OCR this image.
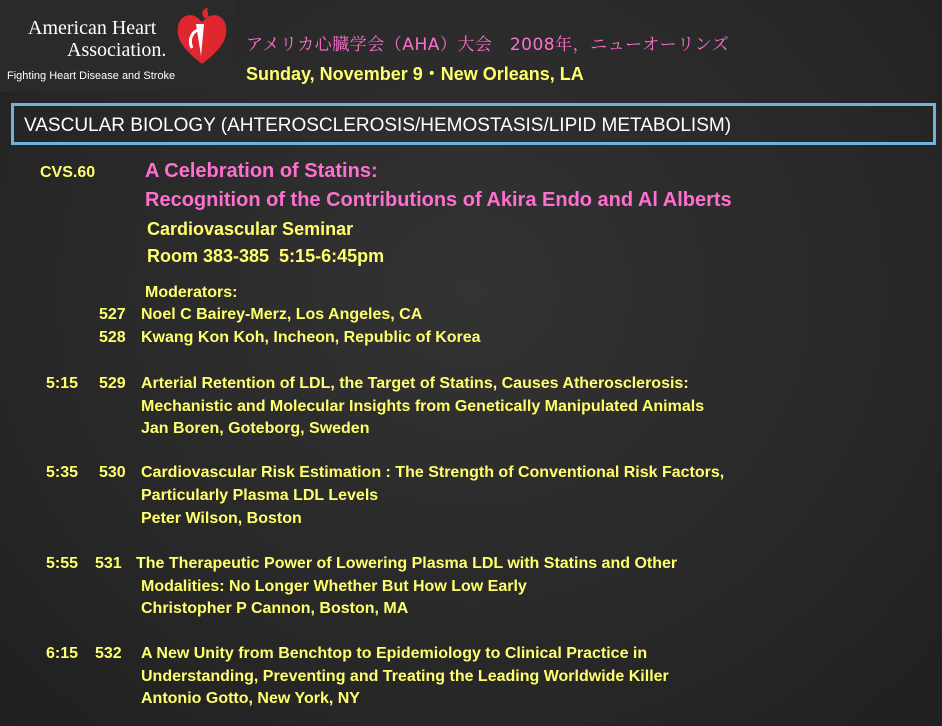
American Heart
Association.
Fighting Heart Disease and Stroke
アメリカ心臓学会（AHA）大会　2008年，ニューオーリンズ
Sunday, November 9・New Orleans, LA
VASCULAR BIOLOGY (AHTEROSCLEROSIS/HEMOSTASIS/LIPID METABOLISM)
CVS.60 A Celebration of Statins:
Recognition of the Contributions of Akira Endo and Al Alberts
Cardiovascular Seminar
Room 383-385  5:15-6:45pm
Moderators:
527 Noel C Bairey-Merz, Los Angeles, CA
528 Kwang Kon Koh, Incheon, Republic of Korea
5:15 529 Arterial Retention of LDL, the Target of Statins, Causes Atherosclerosis:
Mechanistic and Molecular Insights from Genetically Manipulated Animals
Jan Boren, Goteborg, Sweden
5:35 530 Cardiovascular Risk Estimation : The Strength of Conventional Risk Factors,
Particularly Plasma LDL Levels
Peter Wilson, Boston
5:55 531 The Therapeutic Power of Lowering Plasma LDL with Statins and Other
Modalities: No Longer Whether But How Low Early
Christopher P Cannon, Boston, MA
6:15 532 A New Unity from Benchtop to Epidemiology to Clinical Practice in
Understanding, Preventing and Treating the Leading Worldwide Killer
Antonio Gotto, New York, NY
